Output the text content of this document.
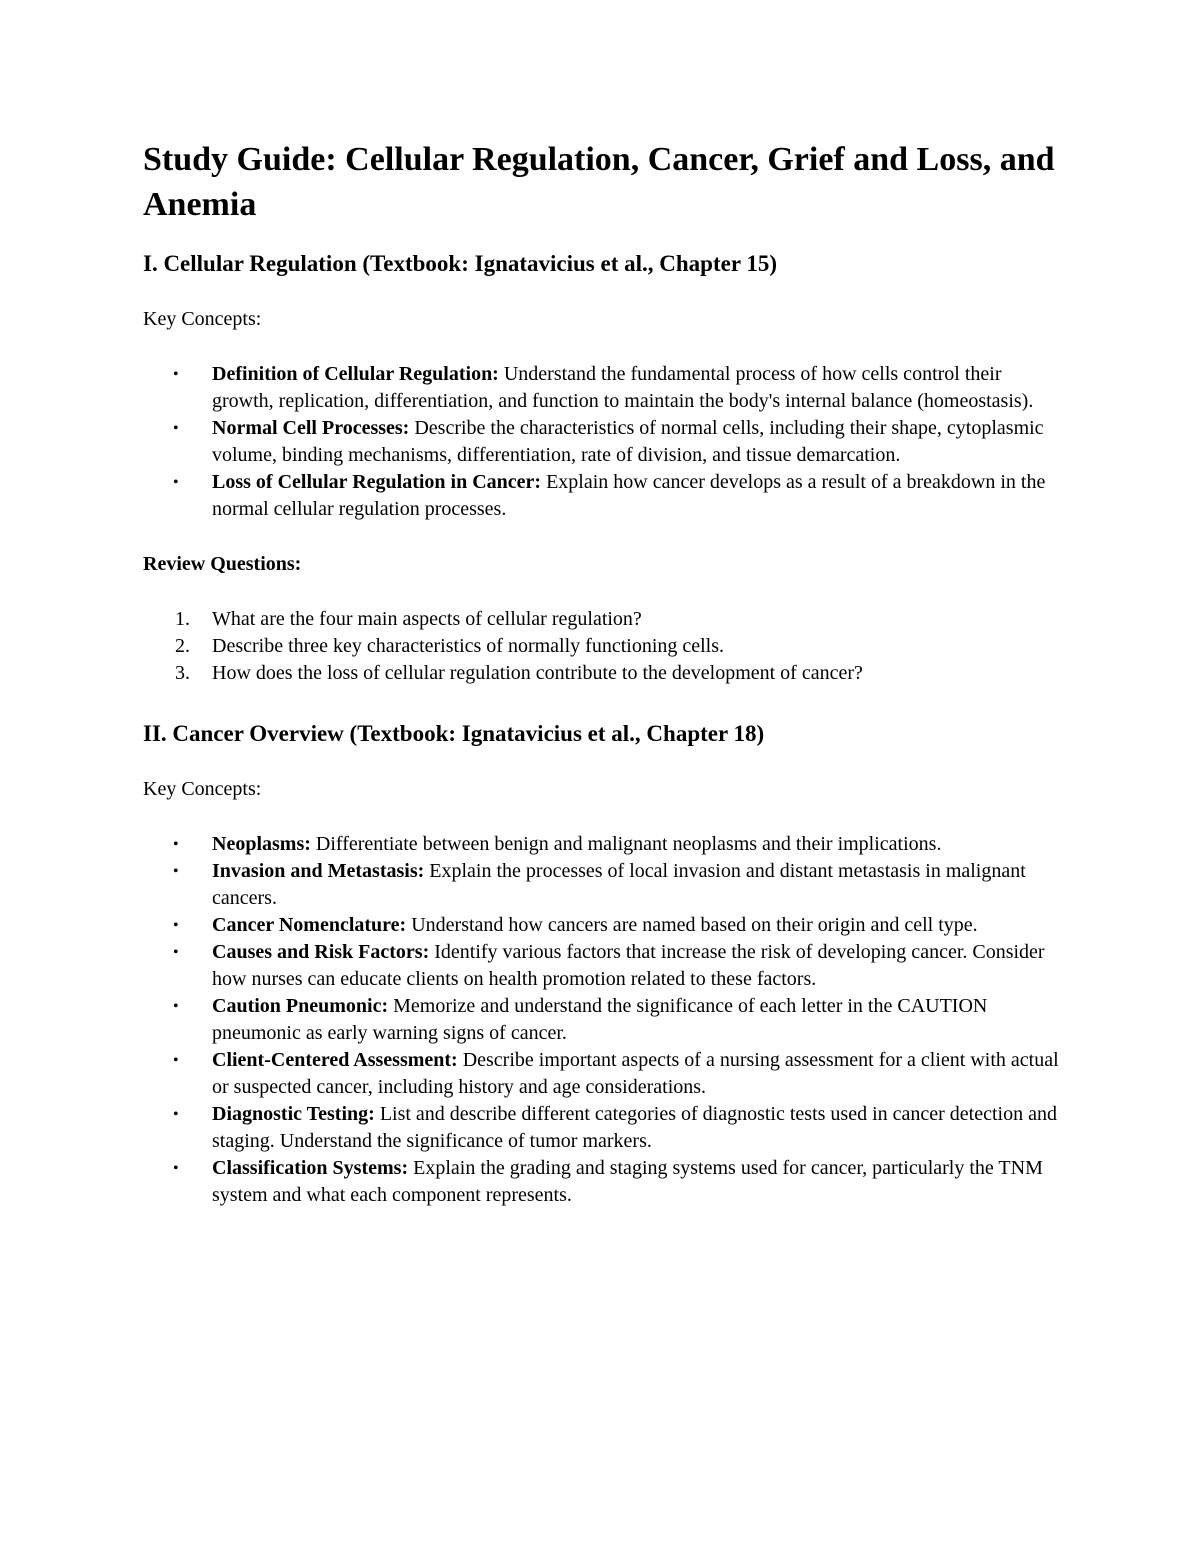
Study Guide: Cellular Regulation, Cancer, Grief and Loss, and Anemia
I. Cellular Regulation (Textbook: Ignatavicius et al., Chapter 15)

Key Concepts:

• Definition of Cellular Regulation: Understand the fundamental process of how cells control their growth, replication, differentiation, and function to maintain the body's internal balance (homeostasis).
• Normal Cell Processes: Describe the characteristics of normal cells, including their shape, cytoplasmic volume, binding mechanisms, differentiation, rate of division, and tissue demarcation.
• Loss of Cellular Regulation in Cancer: Explain how cancer develops as a result of a breakdown in the normal cellular regulation processes.

Review Questions:

1. What are the four main aspects of cellular regulation?
2. Describe three key characteristics of normally functioning cells.
3. How does the loss of cellular regulation contribute to the development of cancer?
II. Cancer Overview (Textbook: Ignatavicius et al., Chapter 18)

Key Concepts:

• Neoplasms: Differentiate between benign and malignant neoplasms and their implications.
• Invasion and Metastasis: Explain the processes of local invasion and distant metastasis in malignant cancers.
• Cancer Nomenclature: Understand how cancers are named based on their origin and cell type.
• Causes and Risk Factors: Identify various factors that increase the risk of developing cancer. Consider how nurses can educate clients on health promotion related to these factors.
• Caution Pneumonic: Memorize and understand the significance of each letter in the CAUTION pneumonic as early warning signs of cancer.
• Client-Centered Assessment: Describe important aspects of a nursing assessment for a client with actual or suspected cancer, including history and age considerations.
• Diagnostic Testing: List and describe different categories of diagnostic tests used in cancer detection and staging. Understand the significance of tumor markers.
• Classification Systems: Explain the grading and staging systems used for cancer, particularly the TNM system and what each component represents.
